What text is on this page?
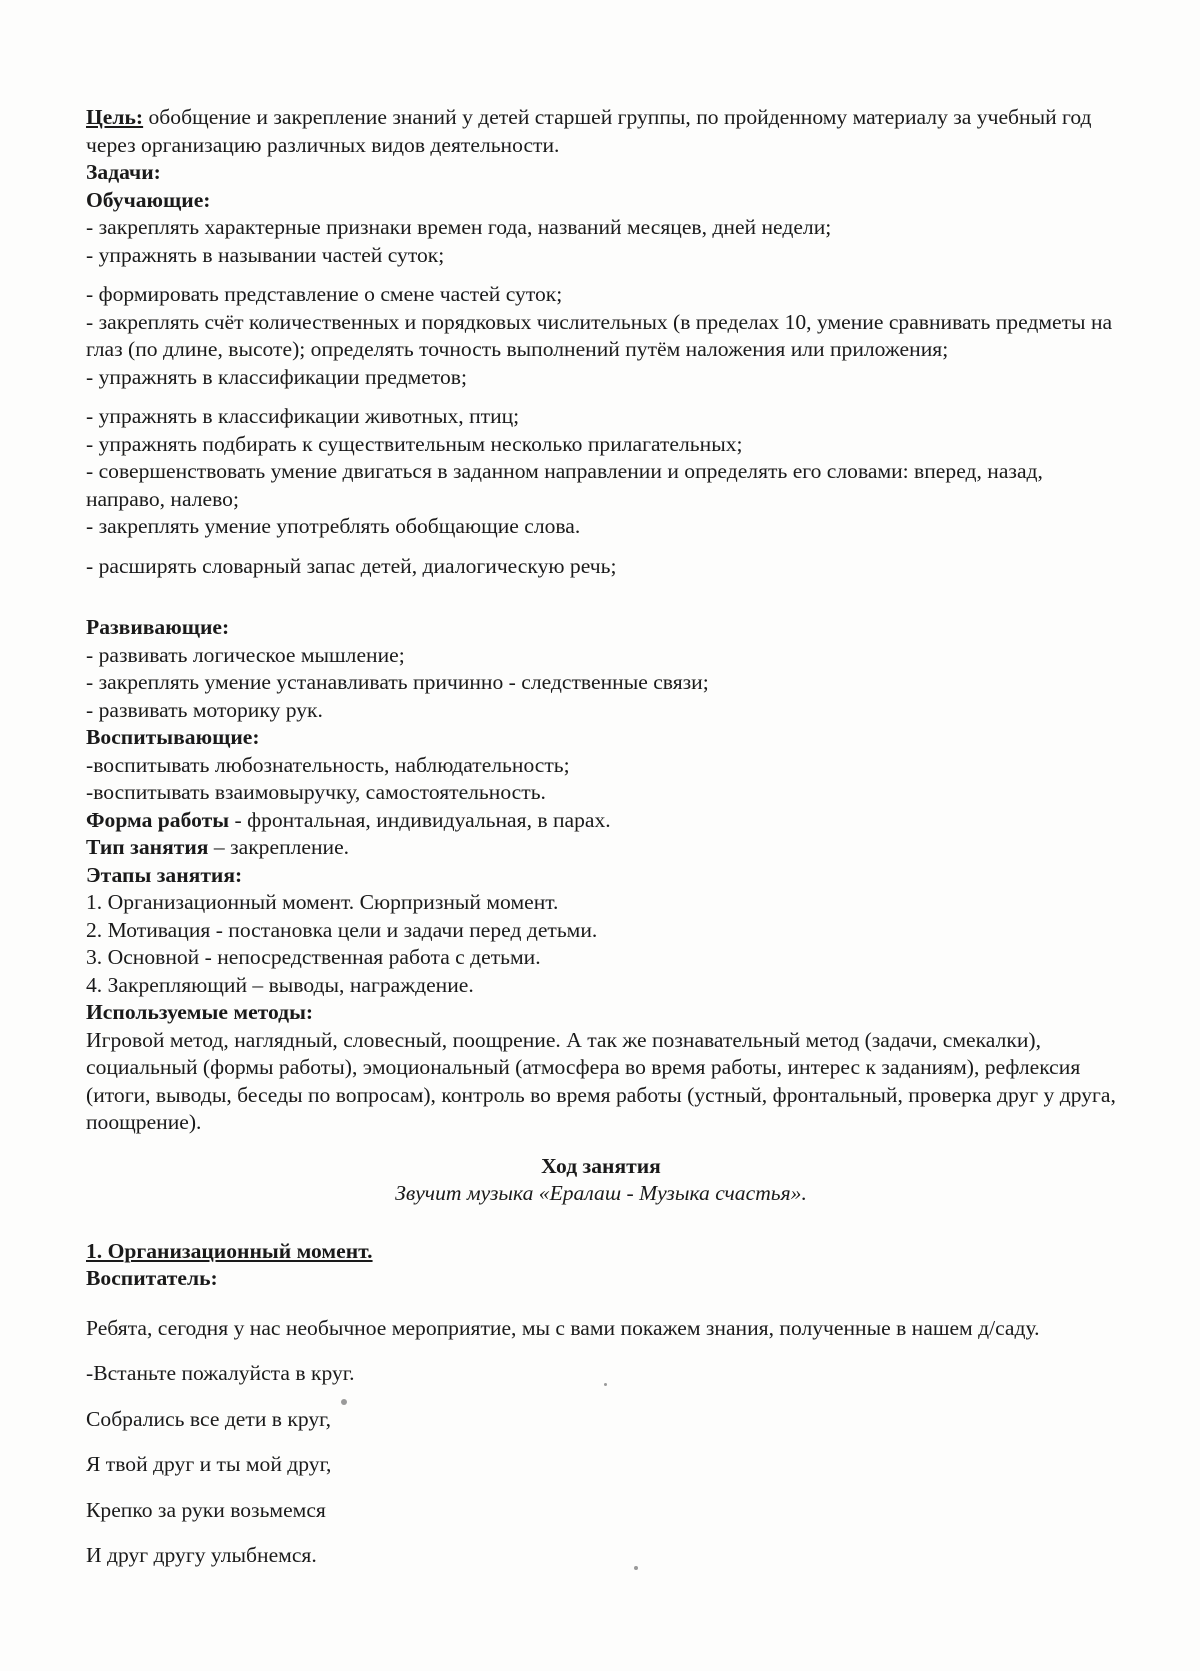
Цель: обобщение и закрепление знаний у детей старшей группы, по пройденному материалу за учебный год через организацию различных видов деятельности.

Задачи:

Обучающие:

- закреплять характерные признаки времен года, названий месяцев, дней недели;

- упражнять в назывании частей суток;

- формировать представление о смене частей суток;

- закреплять счёт количественных и порядковых числительных (в пределах 10, умение сравнивать предметы на глаз (по длине, высоте); определять точность выполнений путём наложения или приложения;

- упражнять в классификации предметов;

- упражнять в классификации животных, птиц;

- упражнять подбирать к существительным несколько прилагательных;

- совершенствовать умение двигаться в заданном направлении и определять его словами: вперед, назад, направо, налево;

- закреплять умение употреблять обобщающие слова.

- расширять словарный запас детей, диалогическую речь;

Развивающие:

- развивать логическое мышление;

- закреплять умение устанавливать причинно - следственные связи;

- развивать моторику рук.

Воспитывающие:

-воспитывать любознательность, наблюдательность;

-воспитывать взаимовыручку, самостоятельность.

Форма работы - фронтальная, индивидуальная, в парах.

Тип занятия – закрепление.

Этапы занятия:

1. Организационный момент. Сюрпризный момент.

2. Мотивация - постановка цели и задачи перед детьми.

3. Основной - непосредственная работа с детьми.

4. Закрепляющий – выводы, награждение.

Используемые методы:

Игровой метод, наглядный, словесный, поощрение. А так же познавательный метод (задачи, смекалки), социальный (формы работы), эмоциональный (атмосфера во время работы, интерес к заданиям), рефлексия (итоги, выводы, беседы по вопросам), контроль во время работы (устный, фронтальный, проверка друг у друга, поощрение).

Ход занятия

Звучит музыка «Ералаш - Музыка счастья».

1. Организационный момент.

Воспитатель:

Ребята, сегодня у нас необычное мероприятие, мы с вами покажем знания, полученные в нашем д/саду.

-Встаньте пожалуйста в круг.

Собрались все дети в круг,

Я твой друг и ты мой друг,

Крепко за руки возьмемся

И друг другу улыбнемся.
